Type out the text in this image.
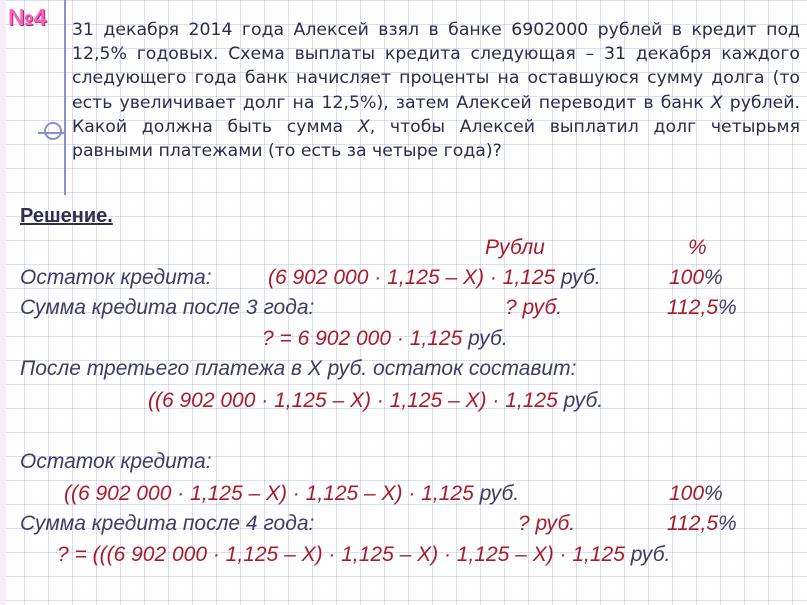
№4 31 декабря 2014 года Алексей взял в банке 6902000 рублей в кредит под 12,5% годовых. Схема выплаты кредита следующая – 31 декабря каждого следующего года банк начисляет проценты на оставшуюся сумму долга (то есть увеличивает долг на 12,5%), затем Алексей переводит в банк Х рублей. Какой должна быть сумма Х, чтобы Алексей выплатил долг четырьмя равными платежами (то есть за четыре года)?

Решение.
Рубли	%
Остаток кредита:	(6 902 000 · 1,125 – Х) · 1,125 руб.	100%
Сумма кредита после 3 года:	? руб.	112,5%
? = 6 902 000 · 1,125 руб.
После третьего платежа в Х руб. остаток составит:
((6 902 000 · 1,125 – Х) · 1,125 – Х) · 1,125 руб.
Остаток кредита:
((6 902 000 · 1,125 – Х) · 1,125 – Х) · 1,125 руб.	100%
Сумма кредита после 4 года:	? руб.	112,5%
? = (((6 902 000 · 1,125 – Х) · 1,125 – Х) · 1,125 – Х) · 1,125 руб.
